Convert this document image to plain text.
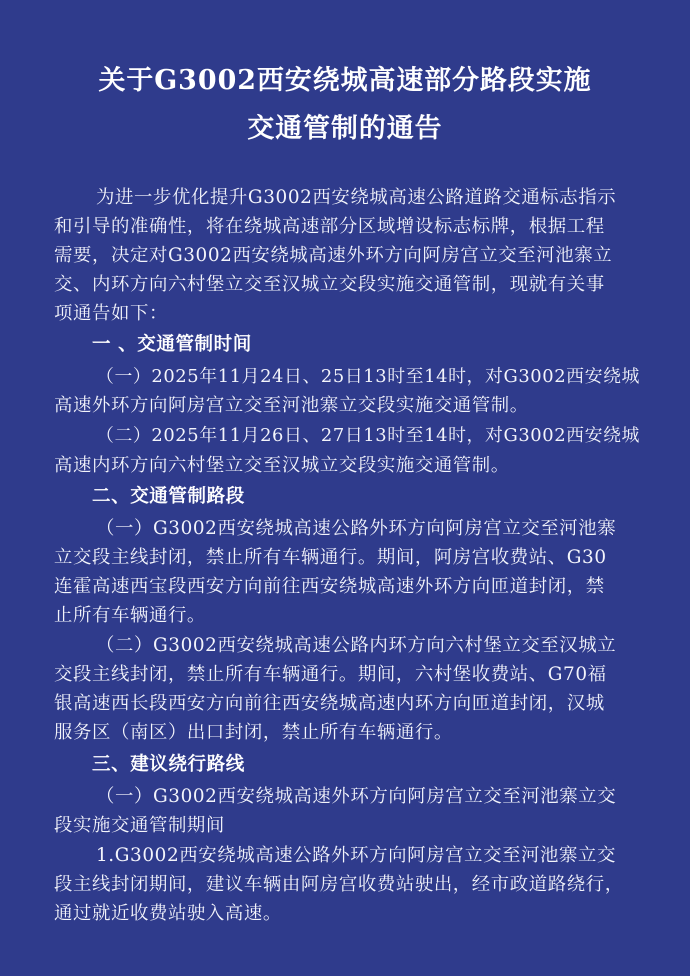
关于G3002西安绕城高速部分路段实施
交通管制的通告
为进一步优化提升G3002西安绕城高速公路道路交通标志指示
和引导的准确性，将在绕城高速部分区域增设标志标牌，根据工程
需要，决定对G3002西安绕城高速外环方向阿房宫立交至河池寨立
交、内环方向六村堡立交至汉城立交段实施交通管制，现就有关事
项通告如下：
一 、交通管制时间
（一）2025年11月24日、25日13时至14时，对G3002西安绕城
高速外环方向阿房宫立交至河池寨立交段实施交通管制。
（二）2025年11月26日、27日13时至14时，对G3002西安绕城
高速内环方向六村堡立交至汉城立交段实施交通管制。
二、交通管制路段
（一）G3002西安绕城高速公路外环方向阿房宫立交至河池寨
立交段主线封闭，禁止所有车辆通行。期间，阿房宫收费站、G30
连霍高速西宝段西安方向前往西安绕城高速外环方向匝道封闭，禁
止所有车辆通行。
（二）G3002西安绕城高速公路内环方向六村堡立交至汉城立
交段主线封闭，禁止所有车辆通行。期间，六村堡收费站、G70福
银高速西长段西安方向前往西安绕城高速内环方向匝道封闭，汉城
服务区（南区）出口封闭，禁止所有车辆通行。
三、建议绕行路线
（一）G3002西安绕城高速外环方向阿房宫立交至河池寨立交
段实施交通管制期间
1.G3002西安绕城高速公路外环方向阿房宫立交至河池寨立交
段主线封闭期间，建议车辆由阿房宫收费站驶出，经市政道路绕行，
通过就近收费站驶入高速。
